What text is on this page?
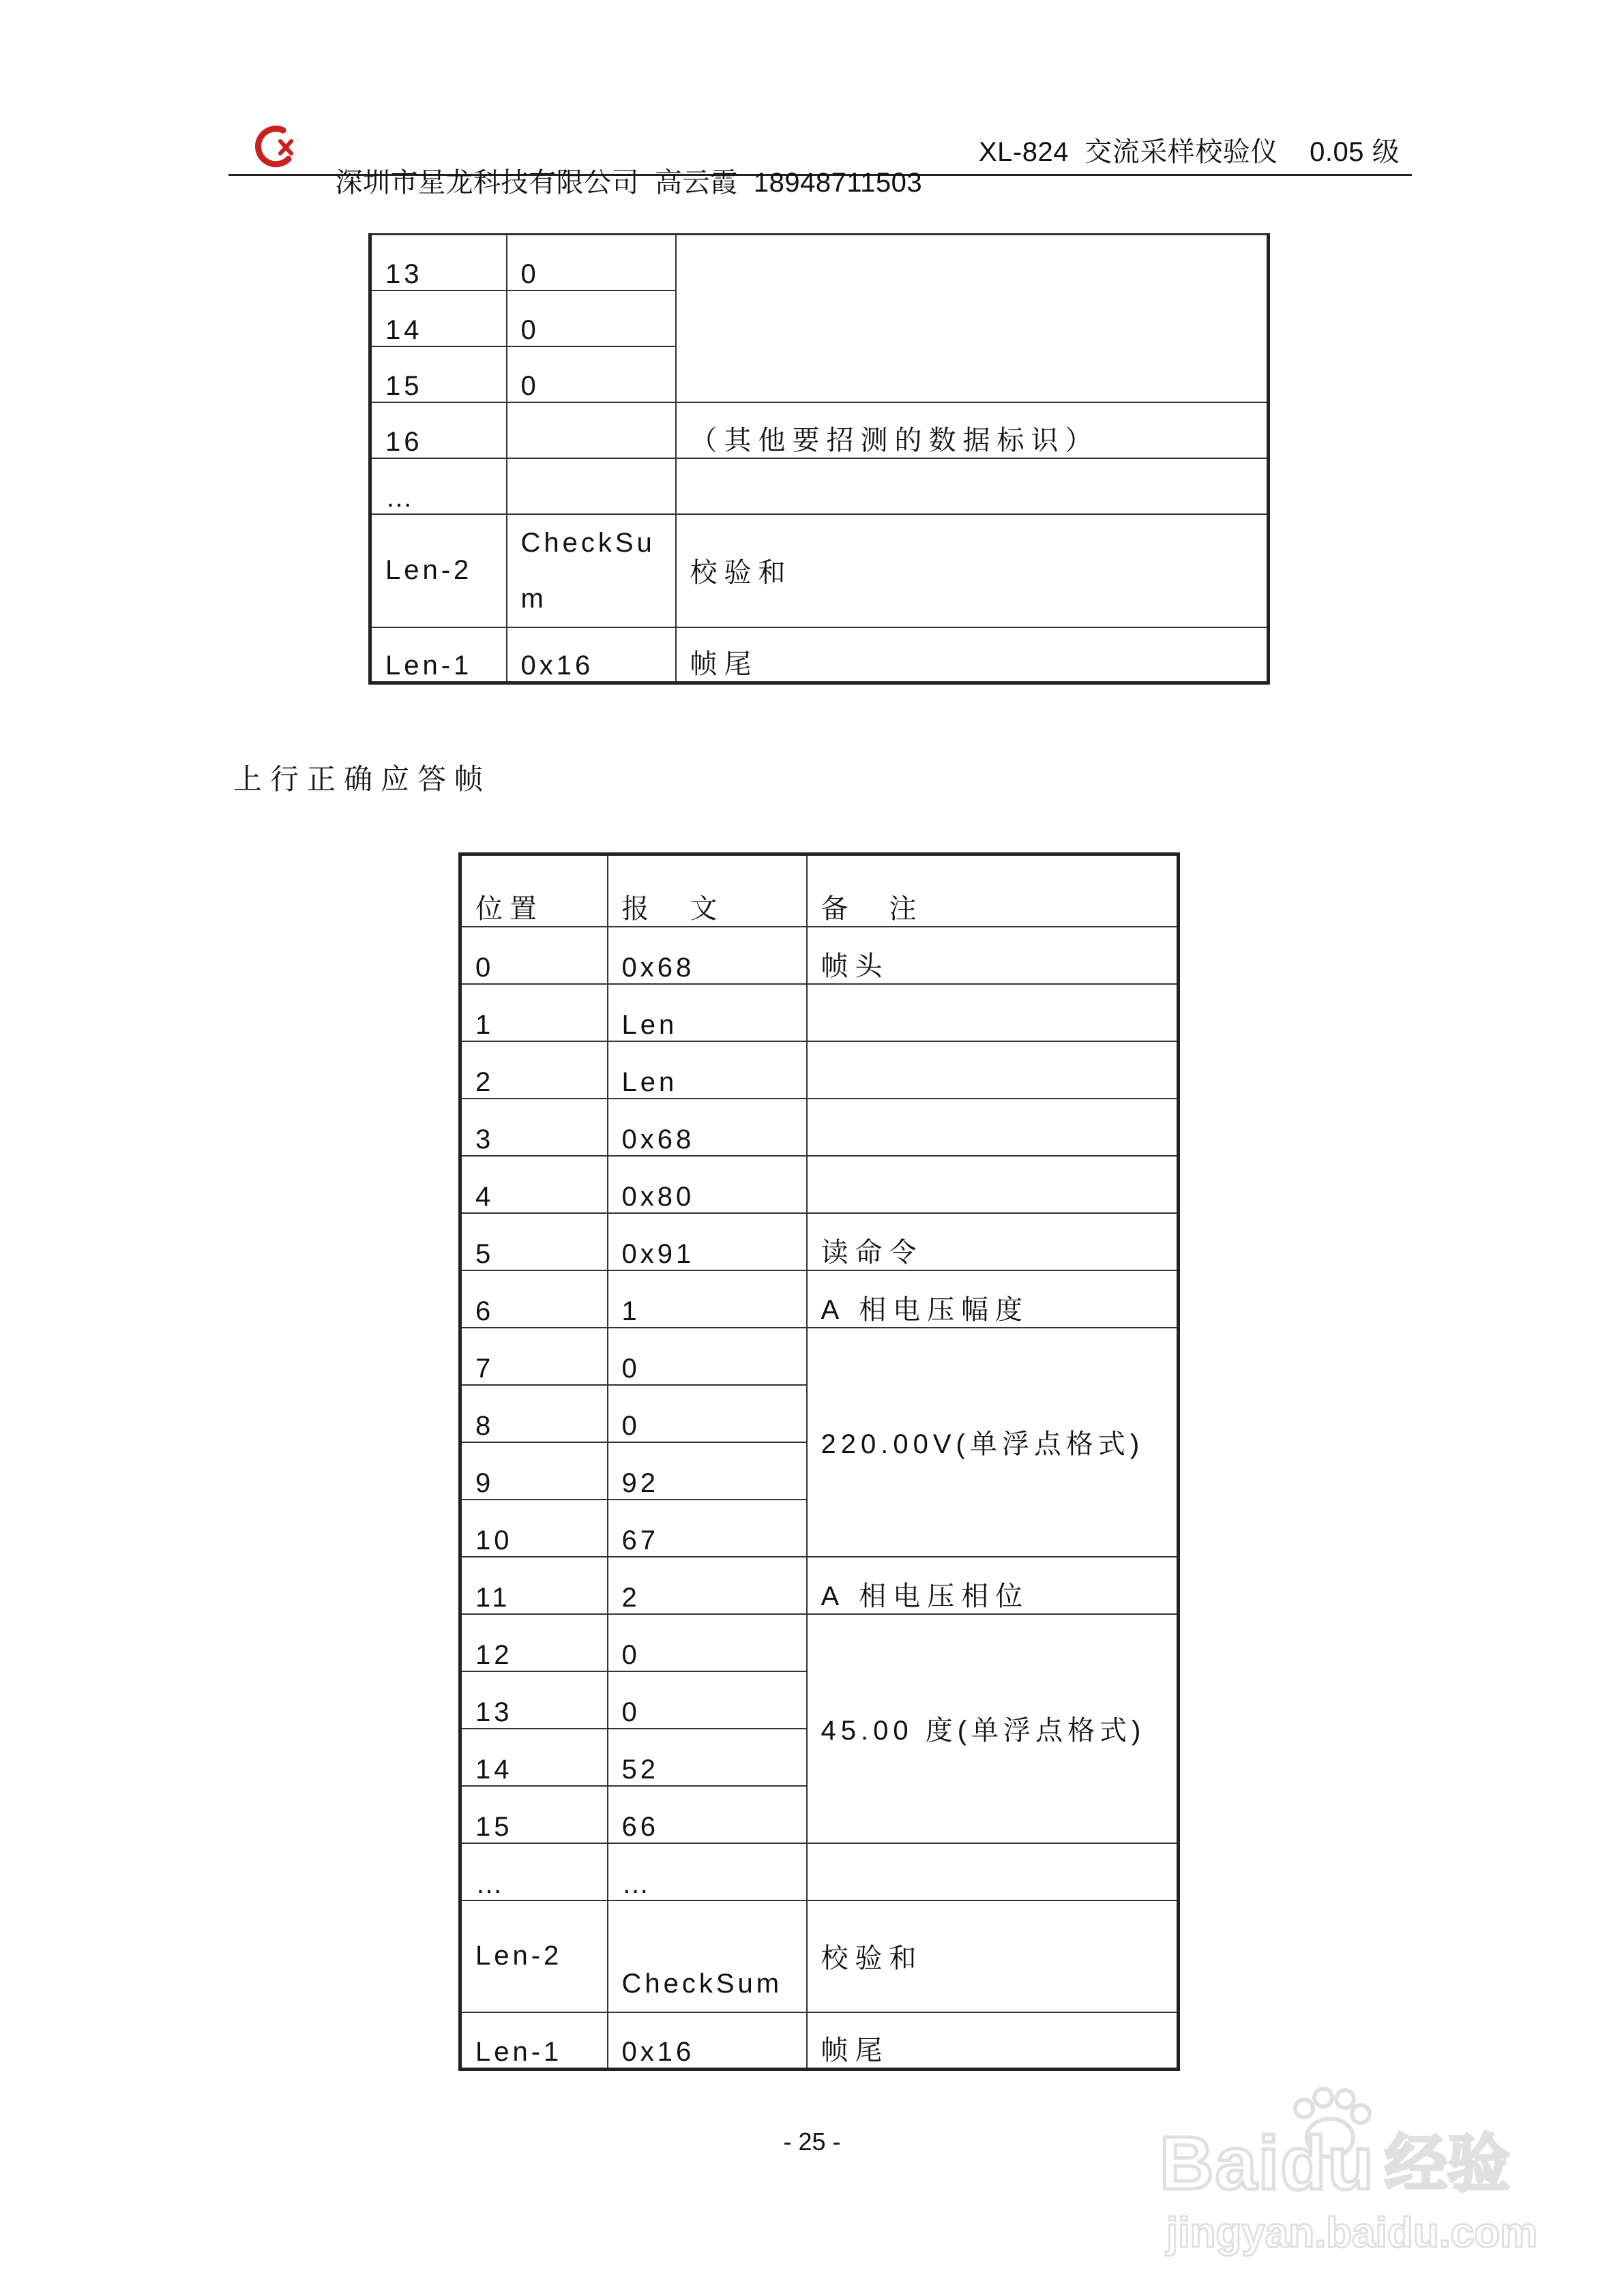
深圳市星龙科技有限公司  高云霞  18948711503

XL-824  交流采样校验仪    0.05 级

13	0	
14	0	
15	0	
16		（其他要招测的数据标识）
…		
Len-2	CheckSum	校验和
Len-1	0x16	帧尾
上行正确应答帧
位置	报　文	备　注
0	0x68	帧头
1	Len	
2	Len	
3	0x68	
4	0x80	
5	0x91	读命令
6	1	A 相电压幅度
7	0	220.00V(单浮点格式)
8	0	
9	92	
10	67	
11	2	A 相电压相位
12	0	45.00 度(单浮点格式)
13	0	
14	52	
15	66	
…	…	
Len-2	CheckSum	校验和
Len-1	0x16	帧尾
- 25 -	Baidu 经验
jingyan.baidu.com
